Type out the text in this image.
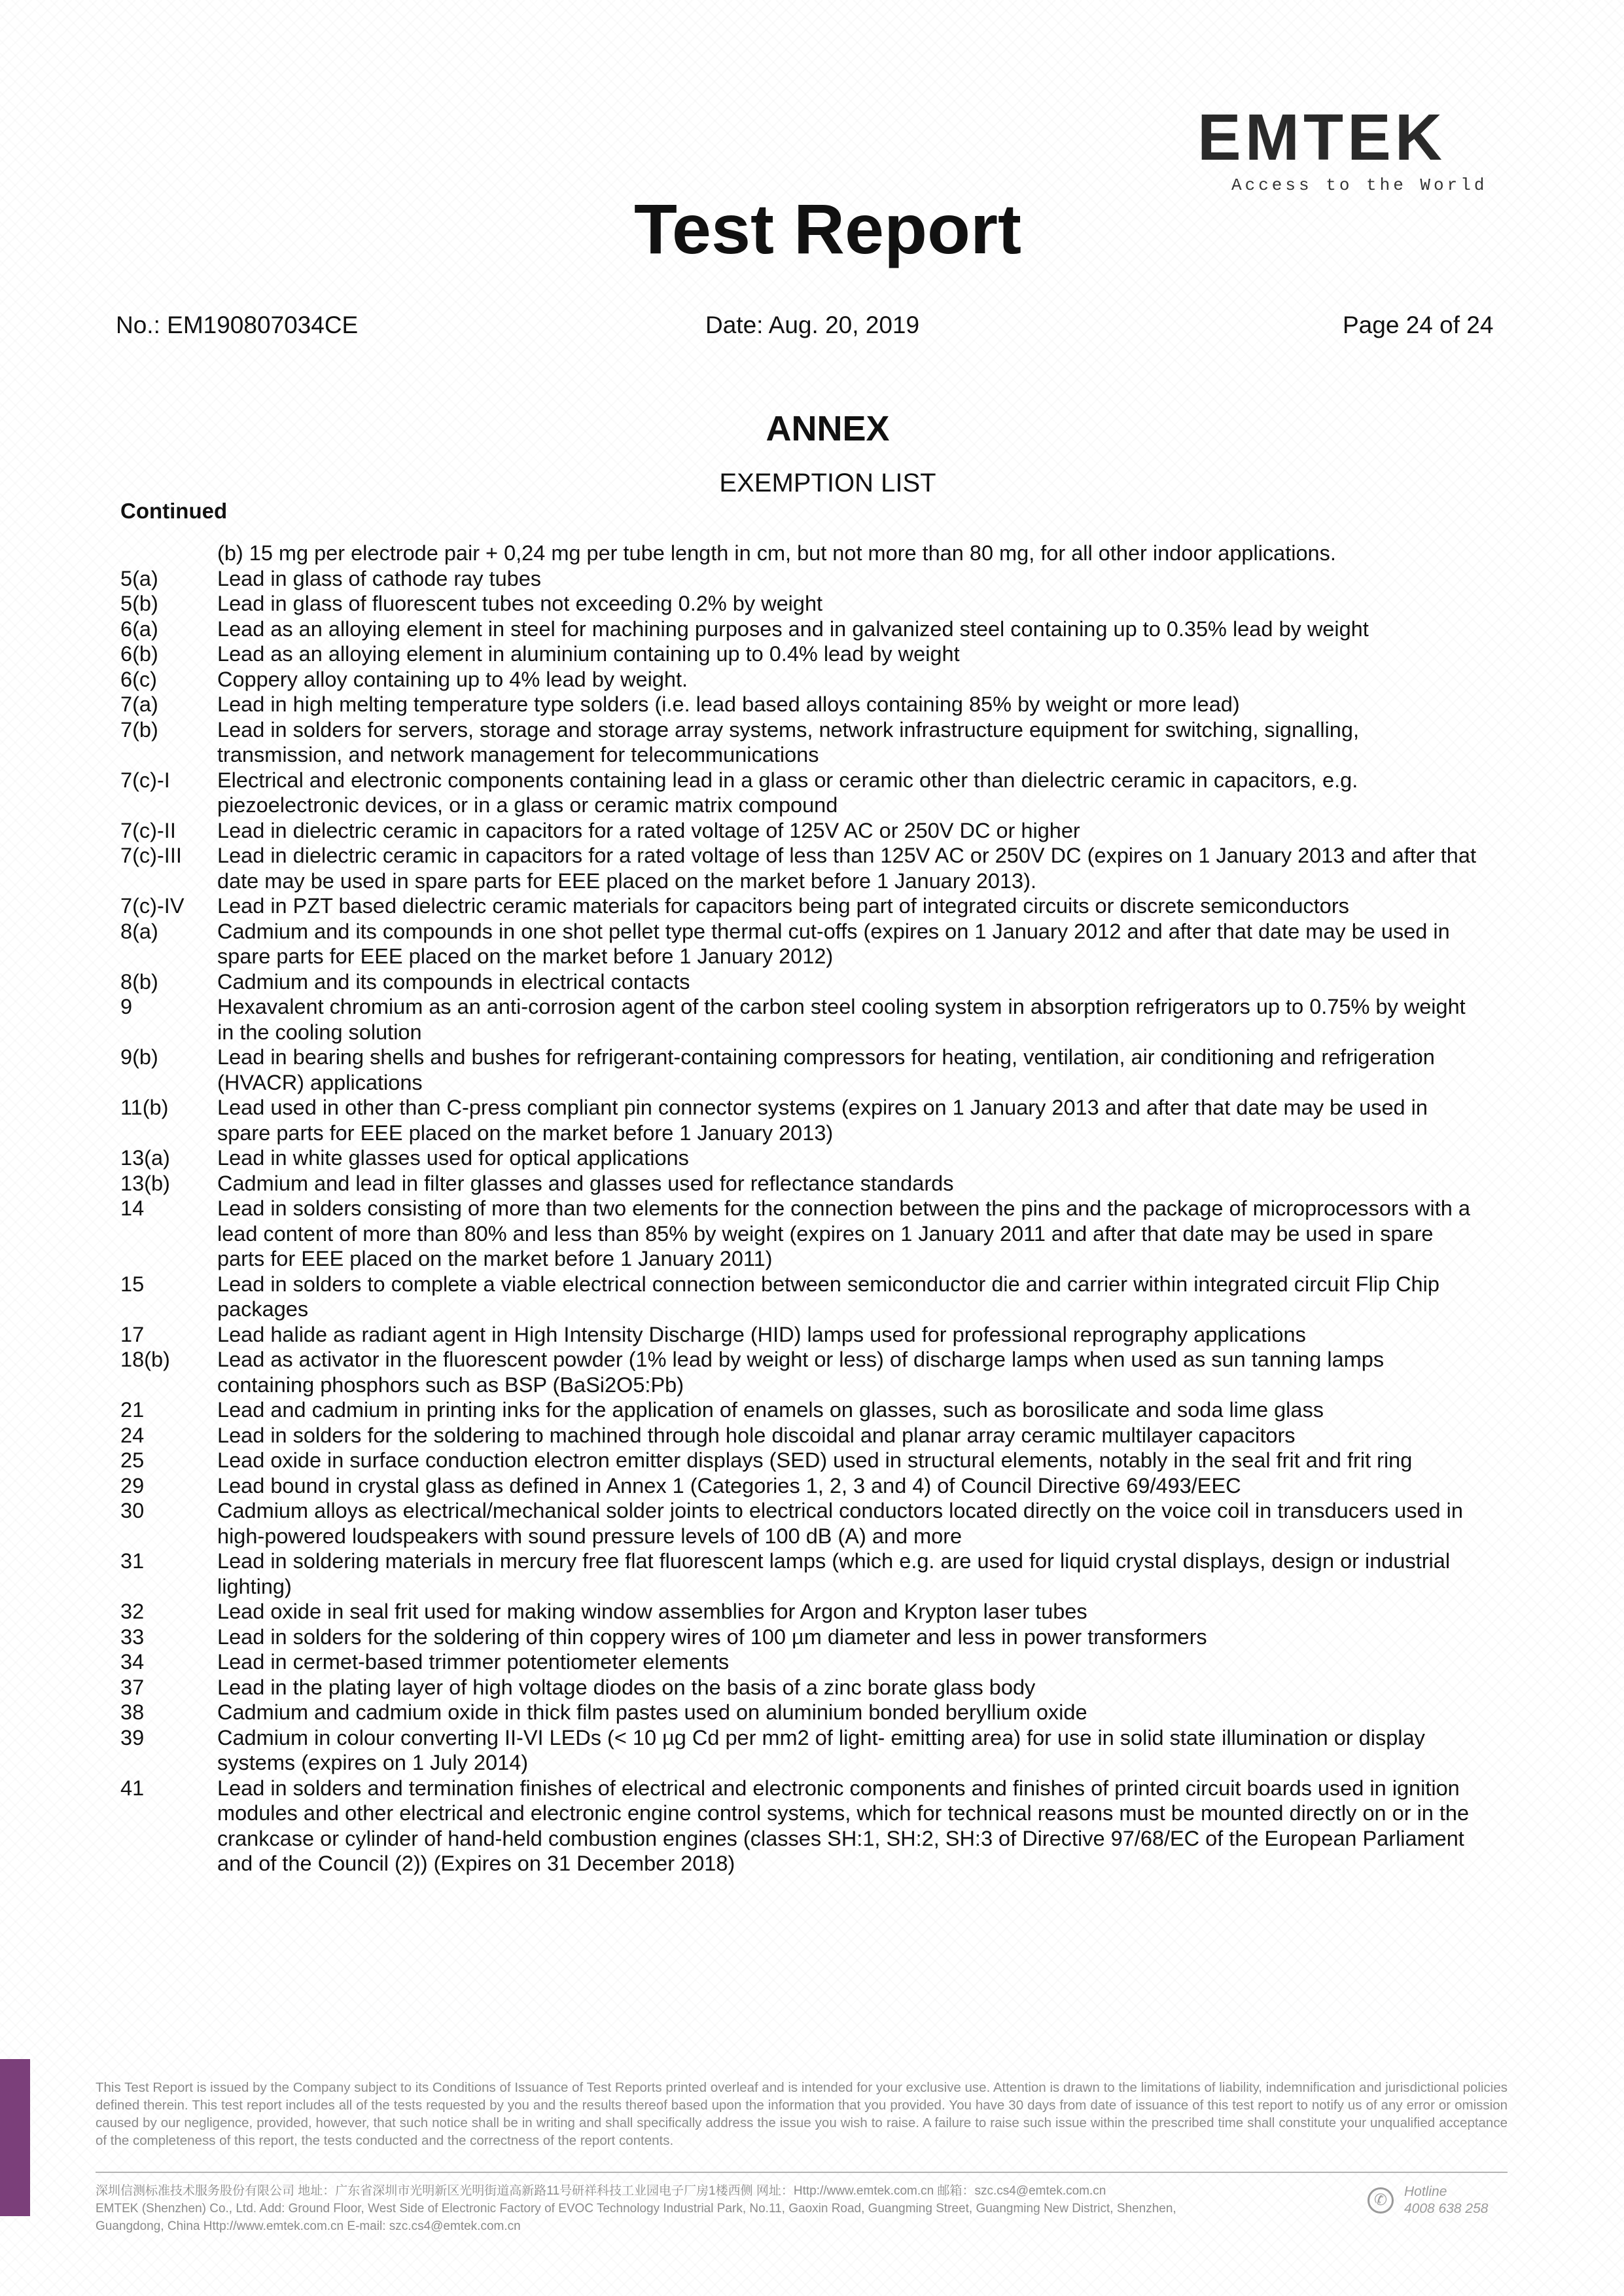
EMTEK
Access to the World
Test Report
No.: EM190807034CE	Date: Aug. 20, 2019	Page 24 of 24
ANNEX
EXEMPTION LIST
Continued
(b) 15 mg per electrode pair + 0,24 mg per tube length in cm, but not more than 80 mg, for all other indoor applications.
5(a)	Lead in glass of cathode ray tubes
5(b)	Lead in glass of fluorescent tubes not exceeding 0.2% by weight
6(a)	Lead as an alloying element in steel for machining purposes and in galvanized steel containing up to 0.35% lead by weight
6(b)	Lead as an alloying element in aluminium containing up to 0.4% lead by weight
6(c)	Coppery alloy containing up to 4% lead by weight.
7(a)	Lead in high melting temperature type solders (i.e. lead based alloys containing 85% by weight or more lead)
7(b)	Lead in solders for servers, storage and storage array systems, network infrastructure equipment for switching, signalling, transmission, and network management for telecommunications
7(c)-I	Electrical and electronic components containing lead in a glass or ceramic other than dielectric ceramic in capacitors, e.g. piezoelectronic devices, or in a glass or ceramic matrix compound
7(c)-II	Lead in dielectric ceramic in capacitors for a rated voltage of 125V AC or 250V DC or higher
7(c)-III	Lead in dielectric ceramic in capacitors for a rated voltage of less than 125V AC or 250V DC (expires on 1 January 2013 and after that date may be used in spare parts for EEE placed on the market before 1 January 2013).
7(c)-IV	Lead in PZT based dielectric ceramic materials for capacitors being part of integrated circuits or discrete semiconductors
8(a)	Cadmium and its compounds in one shot pellet type thermal cut-offs (expires on 1 January 2012 and after that date may be used in spare parts for EEE placed on the market before 1 January 2012)
8(b)	Cadmium and its compounds in electrical contacts
9	Hexavalent chromium as an anti-corrosion agent of the carbon steel cooling system in absorption refrigerators up to 0.75% by weight in the cooling solution
9(b)	Lead in bearing shells and bushes for refrigerant-containing compressors for heating, ventilation, air conditioning and refrigeration (HVACR) applications
11(b)	Lead used in other than C-press compliant pin connector systems (expires on 1 January 2013 and after that date may be used in spare parts for EEE placed on the market before 1 January 2013)
13(a)	Lead in white glasses used for optical applications
13(b)	Cadmium and lead in filter glasses and glasses used for reflectance standards
14	Lead in solders consisting of more than two elements for the connection between the pins and the package of microprocessors with a lead content of more than 80% and less than 85% by weight (expires on 1 January 2011 and after that date may be used in spare parts for EEE placed on the market before 1 January 2011)
15	Lead in solders to complete a viable electrical connection between semiconductor die and carrier within integrated circuit Flip Chip packages
17	Lead halide as radiant agent in High Intensity Discharge (HID) lamps used for professional reprography applications
18(b)	Lead as activator in the fluorescent powder (1% lead by weight or less) of discharge lamps when used as sun tanning lamps containing phosphors such as BSP (BaSi2O5:Pb)
21	Lead and cadmium in printing inks for the application of enamels on glasses, such as borosilicate and soda lime glass
24	Lead in solders for the soldering to machined through hole discoidal and planar array ceramic multilayer capacitors
25	Lead oxide in surface conduction electron emitter displays (SED) used in structural elements, notably in the seal frit and frit ring
29	Lead bound in crystal glass as defined in Annex 1 (Categories 1, 2, 3 and 4) of Council Directive 69/493/EEC
30	Cadmium alloys as electrical/mechanical solder joints to electrical conductors located directly on the voice coil in transducers used in high-powered loudspeakers with sound pressure levels of 100 dB (A) and more
31	Lead in soldering materials in mercury free flat fluorescent lamps (which e.g. are used for liquid crystal displays, design or industrial lighting)
32	Lead oxide in seal frit used for making window assemblies for Argon and Krypton laser tubes
33	Lead in solders for the soldering of thin coppery wires of 100 µm diameter and less in power transformers
34	Lead in cermet-based trimmer potentiometer elements
37	Lead in the plating layer of high voltage diodes on the basis of a zinc borate glass body
38	Cadmium and cadmium oxide in thick film pastes used on aluminium bonded beryllium oxide
39	Cadmium in colour converting II-VI LEDs (< 10 µg Cd per mm2 of light- emitting area) for use in solid state illumination or display systems (expires on 1 July 2014)
41	Lead in solders and termination finishes of electrical and electronic components and finishes of printed circuit boards used in ignition modules and other electrical and electronic engine control systems, which for technical reasons must be mounted directly on or in the crankcase or cylinder of hand-held combustion engines (classes SH:1, SH:2, SH:3 of Directive 97/68/EC of the European Parliament and of the Council (2)) (Expires on 31 December 2018)
This Test Report is issued by the Company subject to its Conditions of Issuance of Test Reports printed overleaf and is intended for your exclusive use. Attention is drawn to the limitations of liability, indemnification and jurisdictional policies defined therein. This test report includes all of the tests requested by you and the results thereof based upon the information that you provided. You have 30 days from date of issuance of this test report to notify us of any error or omission caused by our negligence, provided, however, that such notice shall be in writing and shall specifically address the issue you wish to raise. A failure to raise such issue within the prescribed time shall constitute your unqualified acceptance of the completeness of this report, the tests conducted and the correctness of the report contents.
深圳信测标准技术服务股份有限公司 地址：广东省深圳市光明新区光明街道高新路11号研祥科技工业园电子厂房1楼西侧 网址：Http://www.emtek.com.cn 邮箱：szc.cs4@emtek.com.cn
EMTEK (Shenzhen) Co., Ltd. Add: Ground Floor, West Side of Electronic Factory of EVOC Technology Industrial Park, No.11, Gaoxin Road, Guangming Street, Guangming New District, Shenzhen,
Guangdong, China Http://www.emtek.com.cn E-mail: szc.cs4@emtek.com.cn
✆	Hotline
4008 638 258
